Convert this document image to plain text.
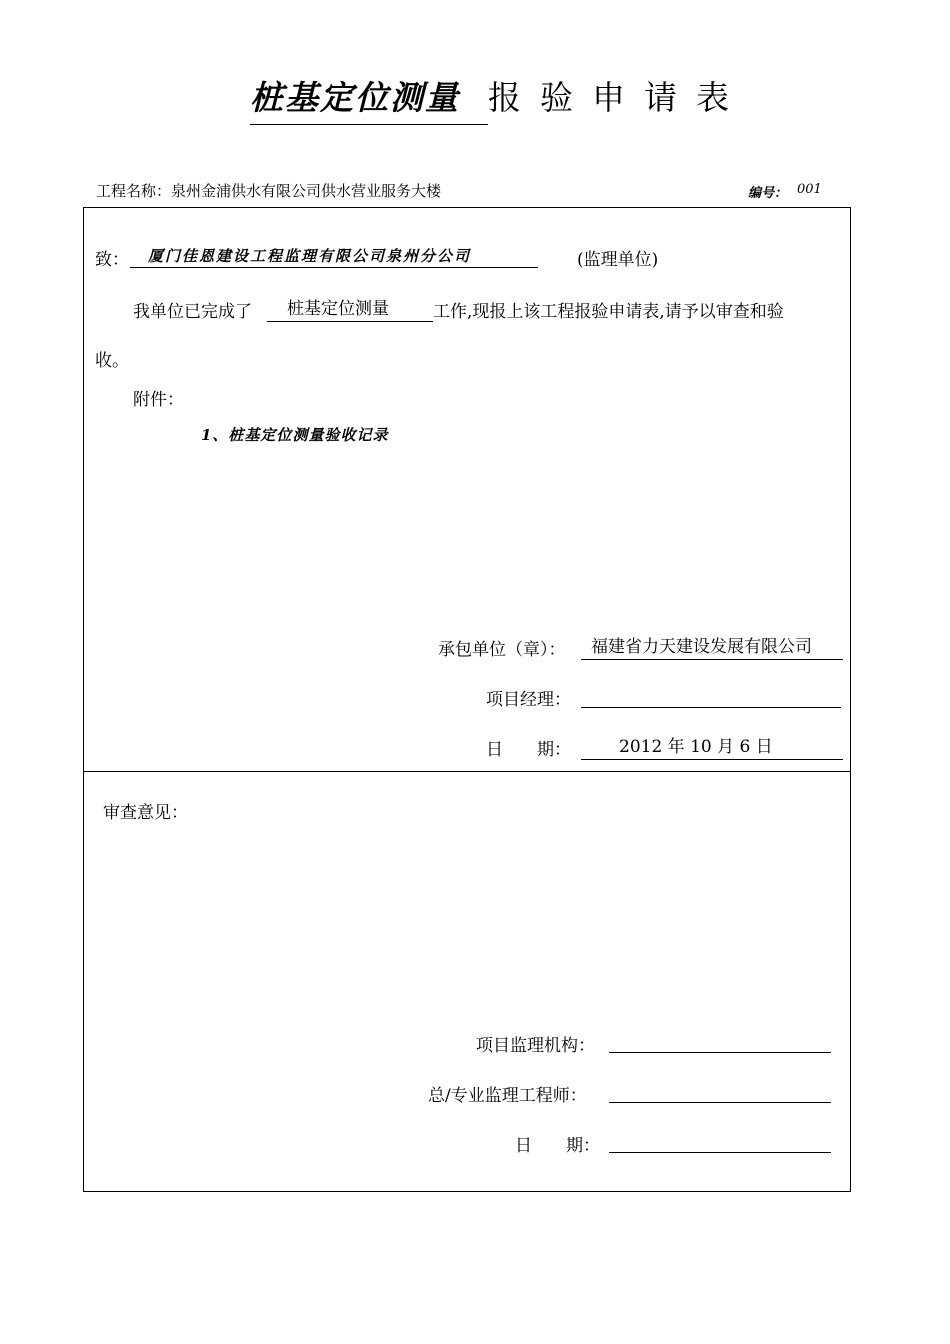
桩基定位测量 报验申请表
工程名称：泉州金浦供水有限公司供水营业服务大楼	编号： 001
致：	厦门佳恩建设工程监理有限公司泉州分公司	(监理单位)
我单位已完成了	桩基定位测量	工作,现报上该工程报验申请表,请予以审查和验
收。
附件：
1、桩基定位测量验收记录
承包单位（章）：	福建省力天建设发展有限公司
项目经理：
日 期：	2012 年 10 月 6 日
审查意见：
项目监理机构：
总/专业监理工程师：
日 期：
